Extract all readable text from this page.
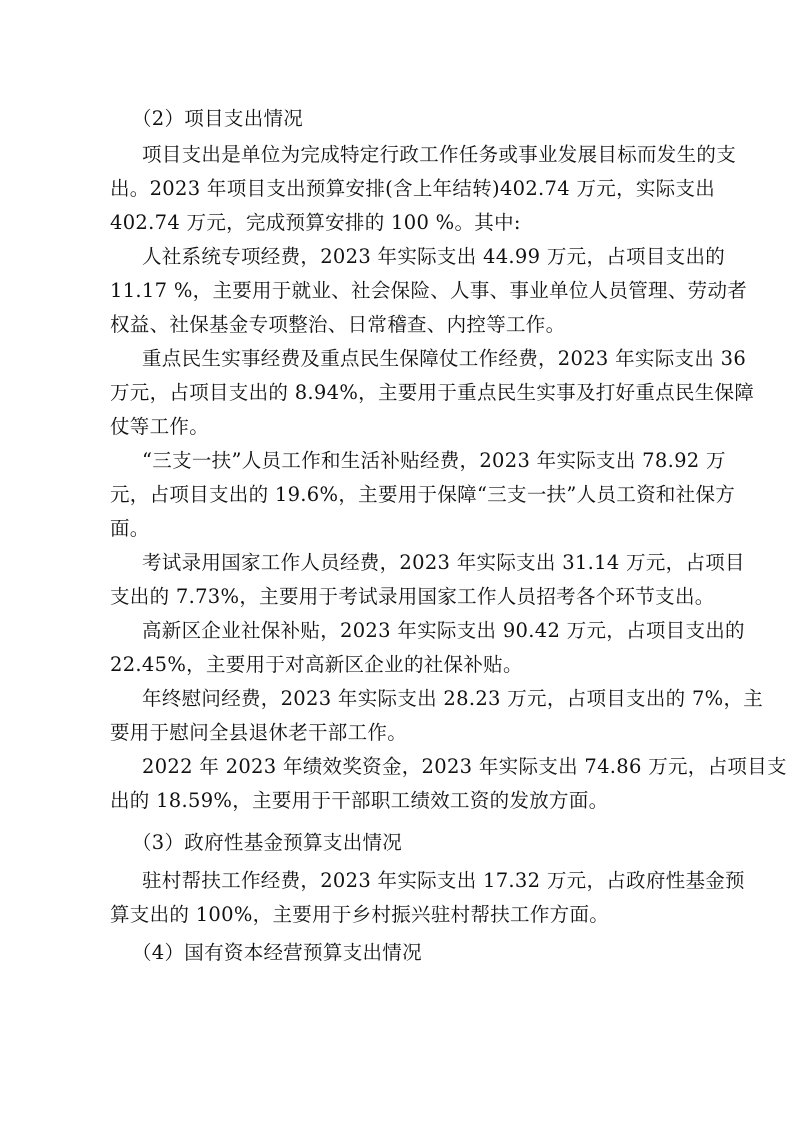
（2）项目支出情况
项目支出是单位为完成特定行政工作任务或事业发展目标而发生的支
出。2023 年项目支出预算安排(含上年结转)402.74 万元，实际支出
402.74 万元，完成预算安排的 100 %。其中:
人社系统专项经费，2023 年实际支出 44.99 万元，占项目支出的
11.17 %，主要用于就业、社会保险、人事、事业单位人员管理、劳动者
权益、社保基金专项整治、日常稽查、内控等工作。
重点民生实事经费及重点民生保障仗工作经费，2023 年实际支出 36
万元，占项目支出的 8.94%，主要用于重点民生实事及打好重点民生保障
仗等工作。
“三支一扶”人员工作和生活补贴经费，2023 年实际支出 78.92 万
元，占项目支出的 19.6%，主要用于保障“三支一扶”人员工资和社保方
面。
考试录用国家工作人员经费，2023 年实际支出 31.14 万元，占项目
支出的 7.73%，主要用于考试录用国家工作人员招考各个环节支出。
高新区企业社保补贴，2023 年实际支出 90.42 万元，占项目支出的
22.45%，主要用于对高新区企业的社保补贴。
年终慰问经费，2023 年实际支出 28.23 万元，占项目支出的 7%，主
要用于慰问全县退休老干部工作。
2022 年 2023 年绩效奖资金，2023 年实际支出 74.86 万元，占项目支
出的 18.59%，主要用于干部职工绩效工资的发放方面。
（3）政府性基金预算支出情况
驻村帮扶工作经费，2023 年实际支出 17.32 万元，占政府性基金预
算支出的 100%，主要用于乡村振兴驻村帮扶工作方面。
（4）国有资本经营预算支出情况
